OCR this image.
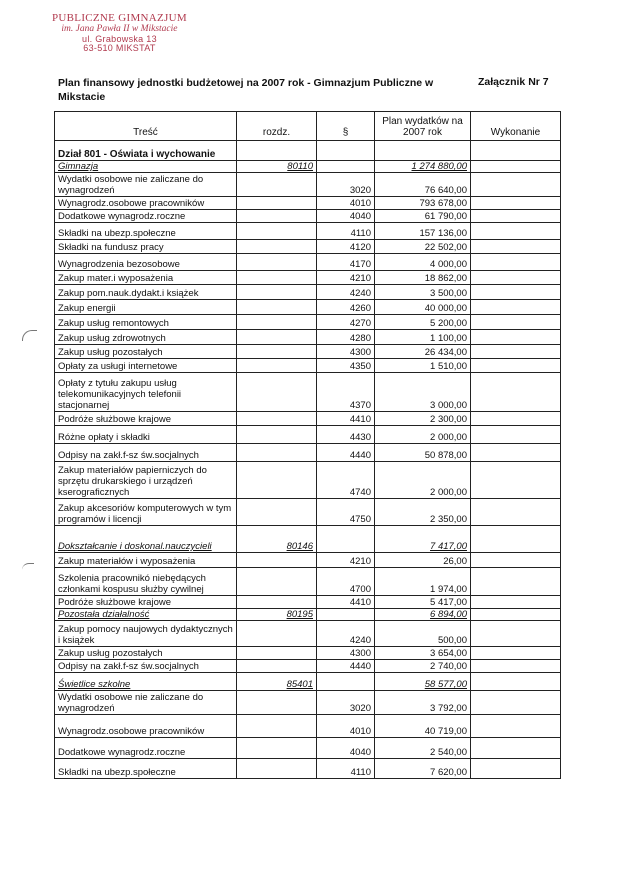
PUBLICZNE GIMNAZJUM
im. Jana Pawła II w Mikstacie
ul. Grabowska 13
63-510 MIKSTAT
Plan finansowy jednostki budżetowej na 2007 rok - Gimnazjum Publiczne w Mikstacie
Załącznik Nr 7
Treść	rozdz.	§	Plan wydatków na 2007 rok	Wykonanie
Dział 801 - Oświata i wychowanie				
Gimnazja	80110		1 274 880,00	
Wydatki osobowe nie zaliczane do wynagrodzeń		3020	76 640,00	
Wynagrodz.osobowe pracowników		4010	793 678,00	
Dodatkowe wynagrodz.roczne		4040	61 790,00	
Składki na ubezp.społeczne		4110	157 136,00	
Składki na fundusz pracy		4120	22 502,00	
Wynagrodzenia bezosobowe		4170	4 000,00	
Zakup mater.i wyposażenia		4210	18 862,00	
Zakup pom.nauk.dydakt.i książek		4240	3 500,00	
Zakup energii		4260	40 000,00	
Zakup usług remontowych		4270	5 200,00	
Zakup usług zdrowotnych		4280	1 100,00	
Zakup usług pozostałych		4300	26 434,00	
Opłaty za usługi internetowe		4350	1 510,00	
Opłaty z tytułu zakupu usług telekomunikacyjnych telefonii stacjonarnej		4370	3 000,00	
Podróże służbowe krajowe		4410	2 300,00	
Różne opłaty i składki		4430	2 000,00	
Odpisy na zakł.f-sz św.socjalnych		4440	50 878,00	
Zakup materiałów papierniczych do sprzętu drukarskiego i urządzeń kserograficznych		4740	2 000,00	
Zakup akcesoriów komputerowych w tym programów i licencji		4750	2 350,00	
Dokształcanie i doskonal.nauczycieli	80146		7 417,00	
Zakup materiałów i wyposażenia		4210	26,00	
Szkolenia pracownikó niebędących członkami kospusu służby cywilnej		4700	1 974,00	
Podróże służbowe krajowe		4410	5 417,00	
Pozostała działalność	80195		6 894,00	
Zakup pomocy naujowych dydaktycznych i książek		4240	500,00	
Zakup usług pozostałych		4300	3 654,00	
Odpisy na zakł.f-sz św.socjalnych		4440	2 740,00	
Świetlice szkolne	85401		58 577,00	
Wydatki osobowe nie zaliczane do wynagrodzeń		3020	3 792,00	
Wynagrodz.osobowe pracowników		4010	40 719,00	
Dodatkowe wynagrodz.roczne		4040	2 540,00	
Składki na ubezp.społeczne		4110	7 620,00	
